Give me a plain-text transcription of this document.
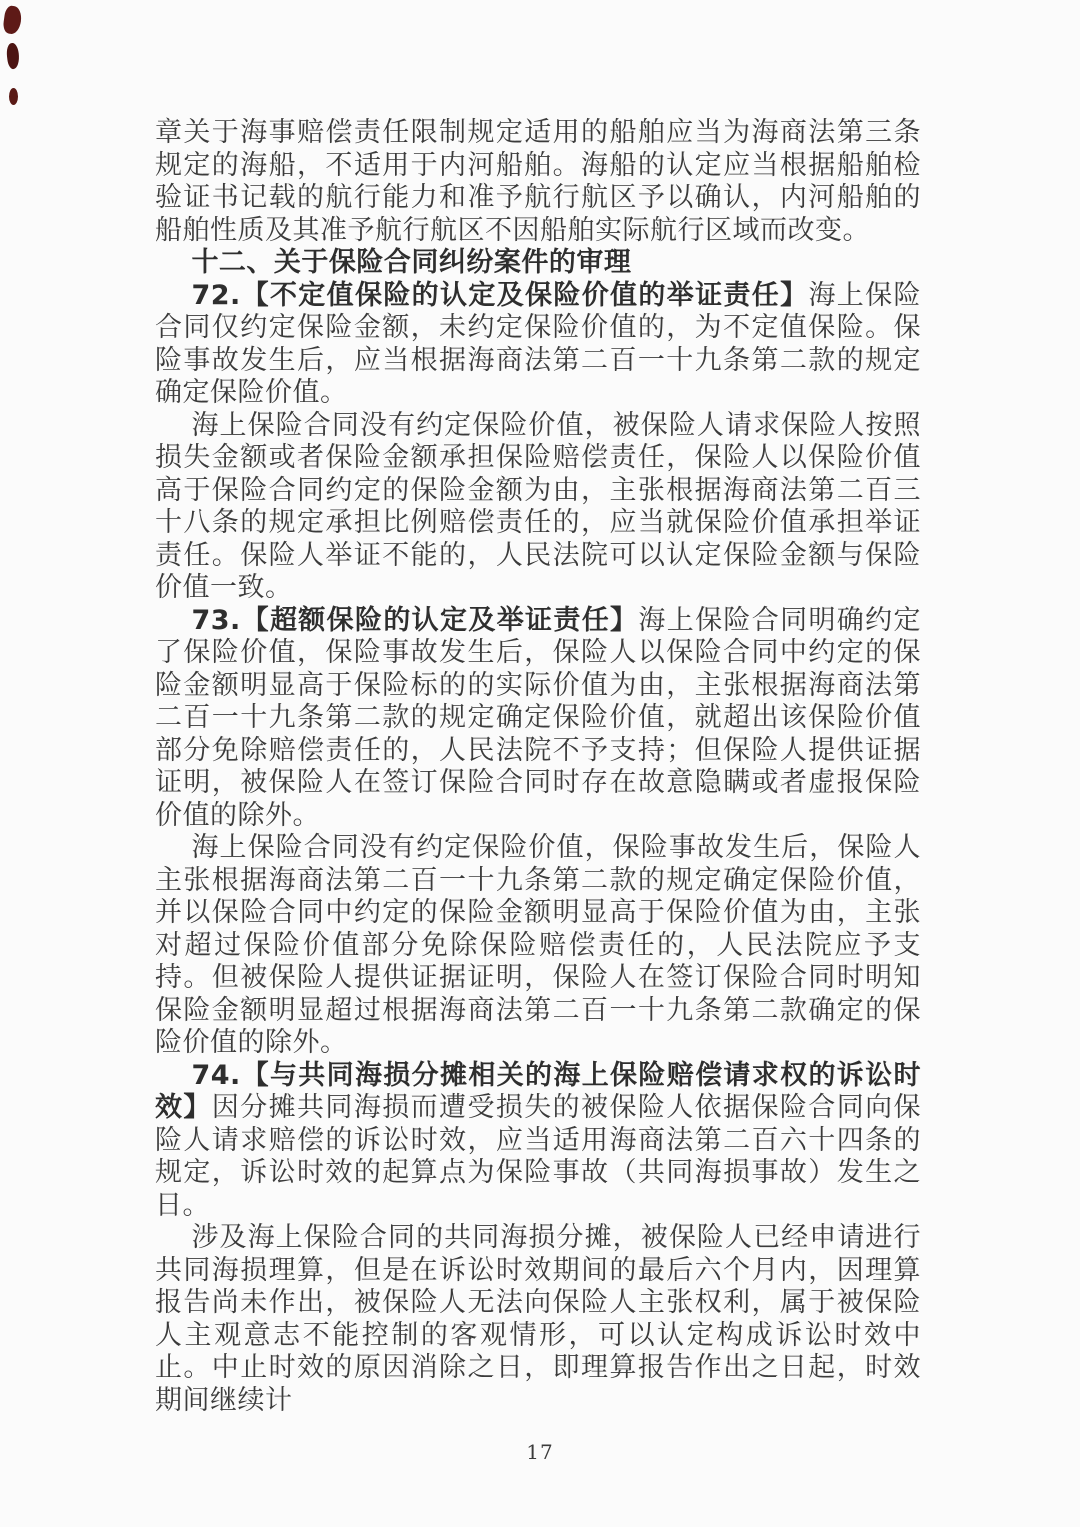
章关于海事赔偿责任限制规定适用的船舶应当为海商法第三条规定的海船，不适用于内河船舶。海船的认定应当根据船舶检验证书记载的航行能力和准予航行航区予以确认，内河船舶的船舶性质及其准予航行航区不因船舶实际航行区域而改变。

十二、关于保险合同纠纷案件的审理

72.【不定值保险的认定及保险价值的举证责任】海上保险合同仅约定保险金额，未约定保险价值的，为不定值保险。保险事故发生后，应当根据海商法第二百一十九条第二款的规定确定保险价值。

海上保险合同没有约定保险价值，被保险人请求保险人按照损失金额或者保险金额承担保险赔偿责任，保险人以保险价值高于保险合同约定的保险金额为由，主张根据海商法第二百三十八条的规定承担比例赔偿责任的，应当就保险价值承担举证责任。保险人举证不能的，人民法院可以认定保险金额与保险价值一致。

73.【超额保险的认定及举证责任】海上保险合同明确约定了保险价值，保险事故发生后，保险人以保险合同中约定的保险金额明显高于保险标的的实际价值为由，主张根据海商法第二百一十九条第二款的规定确定保险价值，就超出该保险价值部分免除赔偿责任的，人民法院不予支持；但保险人提供证据证明，被保险人在签订保险合同时存在故意隐瞒或者虚报保险价值的除外。

海上保险合同没有约定保险价值，保险事故发生后，保险人主张根据海商法第二百一十九条第二款的规定确定保险价值，并以保险合同中约定的保险金额明显高于保险价值为由，主张对超过保险价值部分免除保险赔偿责任的，人民法院应予支持。但被保险人提供证据证明，保险人在签订保险合同时明知保险金额明显超过根据海商法第二百一十九条第二款确定的保险价值的除外。

74.【与共同海损分摊相关的海上保险赔偿请求权的诉讼时效】因分摊共同海损而遭受损失的被保险人依据保险合同向保险人请求赔偿的诉讼时效，应当适用海商法第二百六十四条的规定，诉讼时效的起算点为保险事故（共同海损事故）发生之日。

涉及海上保险合同的共同海损分摊，被保险人已经申请进行共同海损理算，但是在诉讼时效期间的最后六个月内，因理算报告尚未作出，被保险人无法向保险人主张权利，属于被保险人主观意志不能控制的客观情形，可以认定构成诉讼时效中止。中止时效的原因消除之日，即理算报告作出之日起，时效期间继续计

17
